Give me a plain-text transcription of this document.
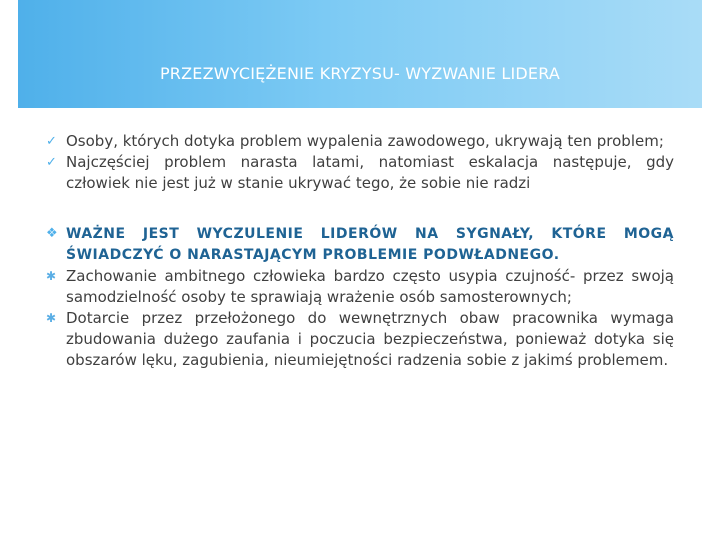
PRZEZWYCIĘŻENIE KRYZYSU- WYZWANIE LIDERA
✓ Osoby, których dotyka problem wypalenia zawodowego, ukrywają ten problem;
✓ Najczęściej problem narasta latami, natomiast eskalacja następuje, gdy człowiek nie jest już w stanie ukrywać tego, że sobie nie radzi
❖ WAŻNE JEST WYCZULENIE LIDERÓW NA SYGNAŁY, KTÓRE MOGĄ ŚWIADCZYĆ O NARASTAJĄCYM PROBLEMIE PODWŁADNEGO.
✱ Zachowanie ambitnego człowieka bardzo często usypia czujność- przez swoją samodzielność osoby te sprawiają wrażenie osób samosterownych;
✱ Dotarcie przez przełożonego do wewnętrznych obaw pracownika wymaga zbudowania dużego zaufania i poczucia bezpieczeństwa, ponieważ dotyka się obszarów lęku, zagubienia, nieumiejętności radzenia sobie z jakimś problemem.
